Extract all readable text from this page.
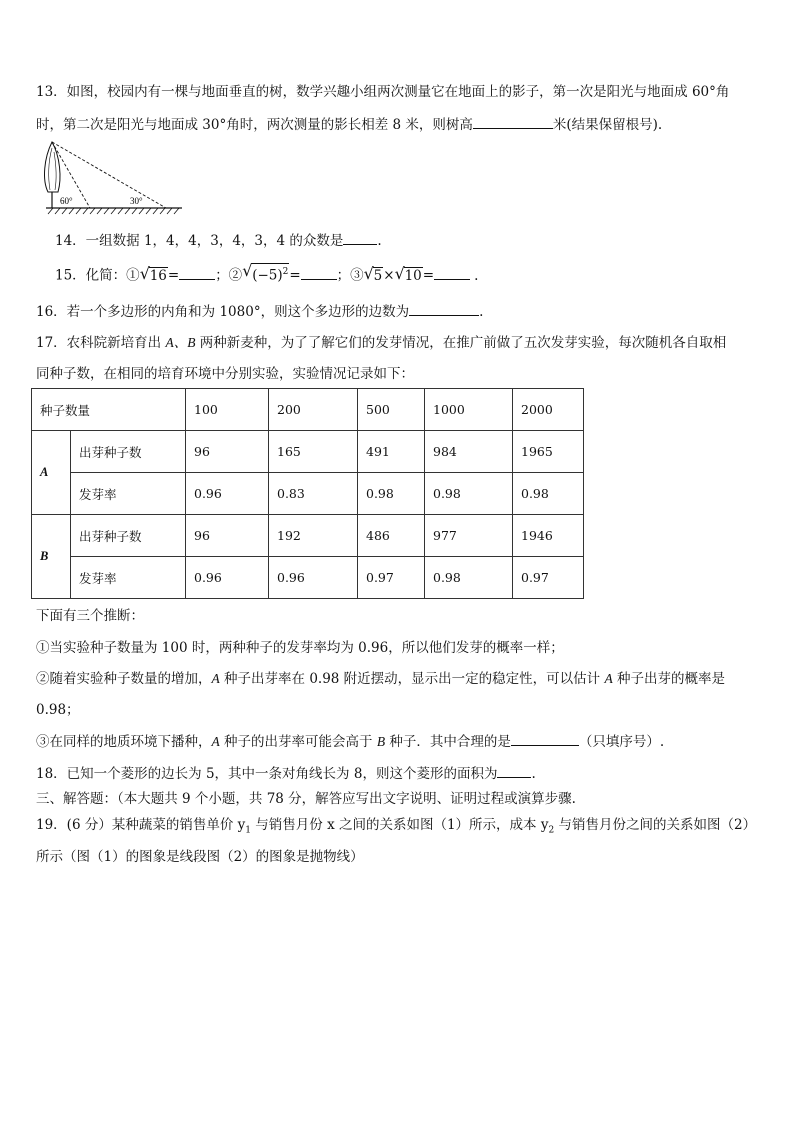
13．如图，校园内有一棵与地面垂直的树，数学兴趣小组两次测量它在地面上的影子，第一次是阳光与地面成 60°角
时，第二次是阳光与地面成 30°角时，两次测量的影长相差 8 米，则树高	米(结果保留根号).
60°	30°
14．一组数据 1，4，4，3，4，3，4 的众数是	.
15．化简：① √ 16=	；② √ $(-5)^2=$	；③ √ 5× √ 10=	.
16．若一个多边形的内角和为 1080°，则这个多边形的边数为	.
17．农科院新培育出 A、B 两种新麦种，为了了解它们的发芽情况，在推广前做了五次发芽实验，每次随机各自取相
同种子数，在相同的培育环境中分别实验，实验情况记录如下：
种子数量		100	200	500	1000	2000
A	出芽种子数	96	165	491	984	1965
	发芽率	0.96	0.83	0.98	0.98	0.98
B	出芽种子数	96	192	486	977	1946
	发芽率	0.96	0.96	0.97	0.98	0.97
下面有三个推断：
①当实验种子数量为 100 时，两种种子的发芽率均为 0.96，所以他们发芽的概率一样；
②随着实验种子数量的增加，A 种子出芽率在 0.98 附近摆动，显示出一定的稳定性，可以估计 A 种子出芽的概率是
0.98；
③在同样的地质环境下播种，A 种子的出芽率可能会高于 B 种子．其中合理的是	（只填序号）.
18．已知一个菱形的边长为 5，其中一条对角线长为 8，则这个菱形的面积为	.
三、解答题：（本大题共 9 个小题，共 78 分，解答应写出文字说明、证明过程或演算步骤.
19．(6 分）某种蔬菜的销售单价 $y_1$ 与销售月份 x 之间的关系如图（1）所示，成本 $y_2$ 与销售月份之间的关系如图（2）
所示（图（1）的图象是线段图（2）的图象是抛物线）
